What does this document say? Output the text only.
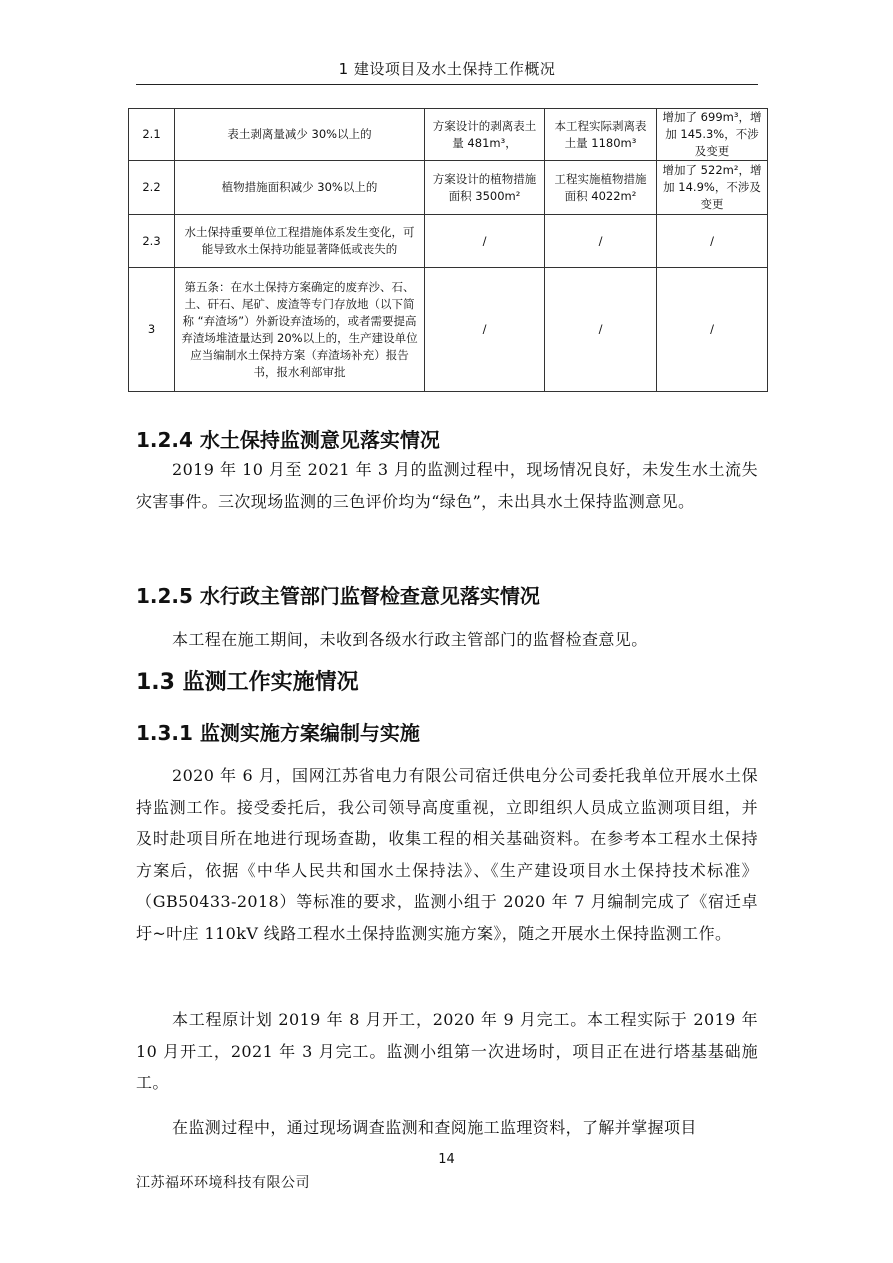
1 建设项目及水土保持工作概况
2.1	表土剥离量减少 30%以上的	方案设计的剥离表土量 481m³，	本工程实际剥离表土量 1180m³	增加了 699m³，增加 145.3%，不涉及变更
2.2	植物措施面积减少 30%以上的	方案设计的植物措施面积 3500m²	工程实施植物措施面积 4022m²	增加了 522m²，增加 14.9%，不涉及变更
2.3	水土保持重要单位工程措施体系发生变化，可能导致水土保持功能显著降低或丧失的	/	/	/
3	第五条：在水土保持方案确定的废弃沙、石、土、矸石、尾矿、废渣等专门存放地（以下简称 “弃渣场”）外新设弃渣场的，或者需要提高弃渣场堆渣量达到 20%以上的，生产建设单位应当编制水土保持方案（弃渣场补充）报告书，报水利部审批	/	/	/
1.2.4 水土保持监测意见落实情况

2019 年 10 月至 2021 年 3 月的监测过程中，现场情况良好，未发生水土流失灾害事件。三次现场监测的三色评价均为“绿色”，未出具水土保持监测意见。

1.2.5 水行政主管部门监督检查意见落实情况

本工程在施工期间，未收到各级水行政主管部门的监督检查意见。

1.3 监测工作实施情况
1.3.1 监测实施方案编制与实施

2020 年 6 月，国网江苏省电力有限公司宿迁供电分公司委托我单位开展水土保持监测工作。接受委托后，我公司领导高度重视，立即组织人员成立监测项目组，并及时赴项目所在地进行现场查勘，收集工程的相关基础资料。在参考本工程水土保持方案后，依据《中华人民共和国水土保持法》、《生产建设项目水土保持技术标准》（GB50433-2018）等标准的要求，监测小组于 2020 年 7 月编制完成了《宿迁卓圩~叶庄 110kV 线路工程水土保持监测实施方案》，随之开展水土保持监测工作。

本工程原计划 2019 年 8 月开工，2020 年 9 月完工。本工程实际于 2019 年 10 月开工，2021 年 3 月完工。监测小组第一次进场时，项目正在进行塔基基础施工。

在监测过程中，通过现场调查监测和查阅施工监理资料，了解并掌握项目

14
江苏福环环境科技有限公司
